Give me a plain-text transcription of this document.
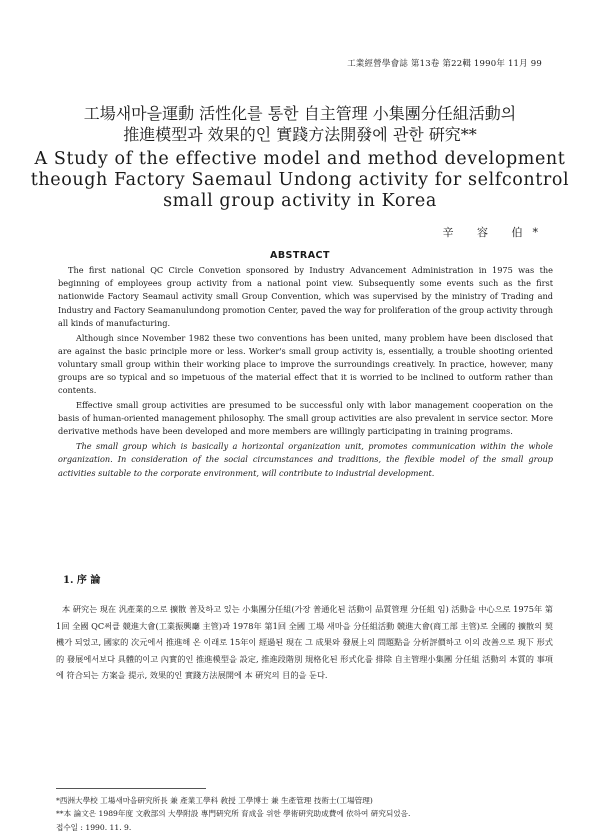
工業經營學會誌 第13卷 第22輯 1990年 11月 99
工場새마을運動 活性化를 통한 自主管理 小集團分任組活動의
推進模型과 效果的인 實踐方法開發에 관한 硏究**
A Study of the effective model and method development
theough Factory Saemaul Undong activity for selfcontrol
small group activity in Korea
辛 容 伯*
ABSTRACT

The first national QC Circle Convetion sponsored by Industry Advancement Administration in 1975 was the beginning of employees group activity from a national point view. Subsequently some events such as the first nationwide Factory Seamaul activity small Group Convention, which was supervised by the ministry of Trading and Industry and Factory Seamanulundong promotion Center, paved the way for proliferation of the group activity through all kinds of manufacturing.

Although since November 1982 these two conventions has been united, many problem have been disclosed that are against the basic principle more or less. Worker's small group activity is, essentially, a trouble shooting oriented voluntary small group within their working place to improve the surroundings creatively. In practice, however, many groups are so typical and so impetuous of the material effect that it is worried to be inclined to outform rather than contents.

Effective small group activities are presumed to be successful only with labor management cooperation on the basis of human-oriented management philosophy. The small group activities are also prevalent in service sector. More derivative methods have been developed and more members are willingly participating in training programs.

The small group which is basically a horizontal organization unit, promotes communication within the whole organization. In consideration of the social circumstances and traditions, the flexible model of the small group activities suitable to the corporate environment, will contribute to industrial development.

1. 序 論

本 硏究는 現在 汎產業的으로 擴散 普及하고 있는 小集團分任組(가장 普通化된 活動이 品質管理 分任組 임) 活動을 中心으로 1975年 第1回 全國 QC써클 競進大會(工業振興廳 主管)과 1978年 第1回 全國 工場 새마을 分任組活動 競進大會(商工部 主管)로 全國的 擴散의 契機가 되었고, 國家的 次元에서 推進해 온 이래로 15年이 經過된 現在 그 成果와 發展上의 問題點을 分析評價하고 이의 改善으로 現下 形式的 發展에서보다 具體的이고 內實的인 推進模型을 設定, 推進段階別 規格化된 形式化를 排除 自主管理小集團 分任組 活動의 本質的 事項에 符合되는 方案을 提示, 效果的인 實踐方法展開에 本 硏究의 目的을 둔다.

*西洲大學校 工場새마을硏究所長 兼 產業工學科 敎授 工學博士 兼 生產管理 技術士(工場管理)
**本 論文은 1989年度 文敎部의 大學附設 專門硏究所 育成을 위한 學術硏究助成費에 依하여 硏究되었음.
접수일 : 1990. 11. 9.
